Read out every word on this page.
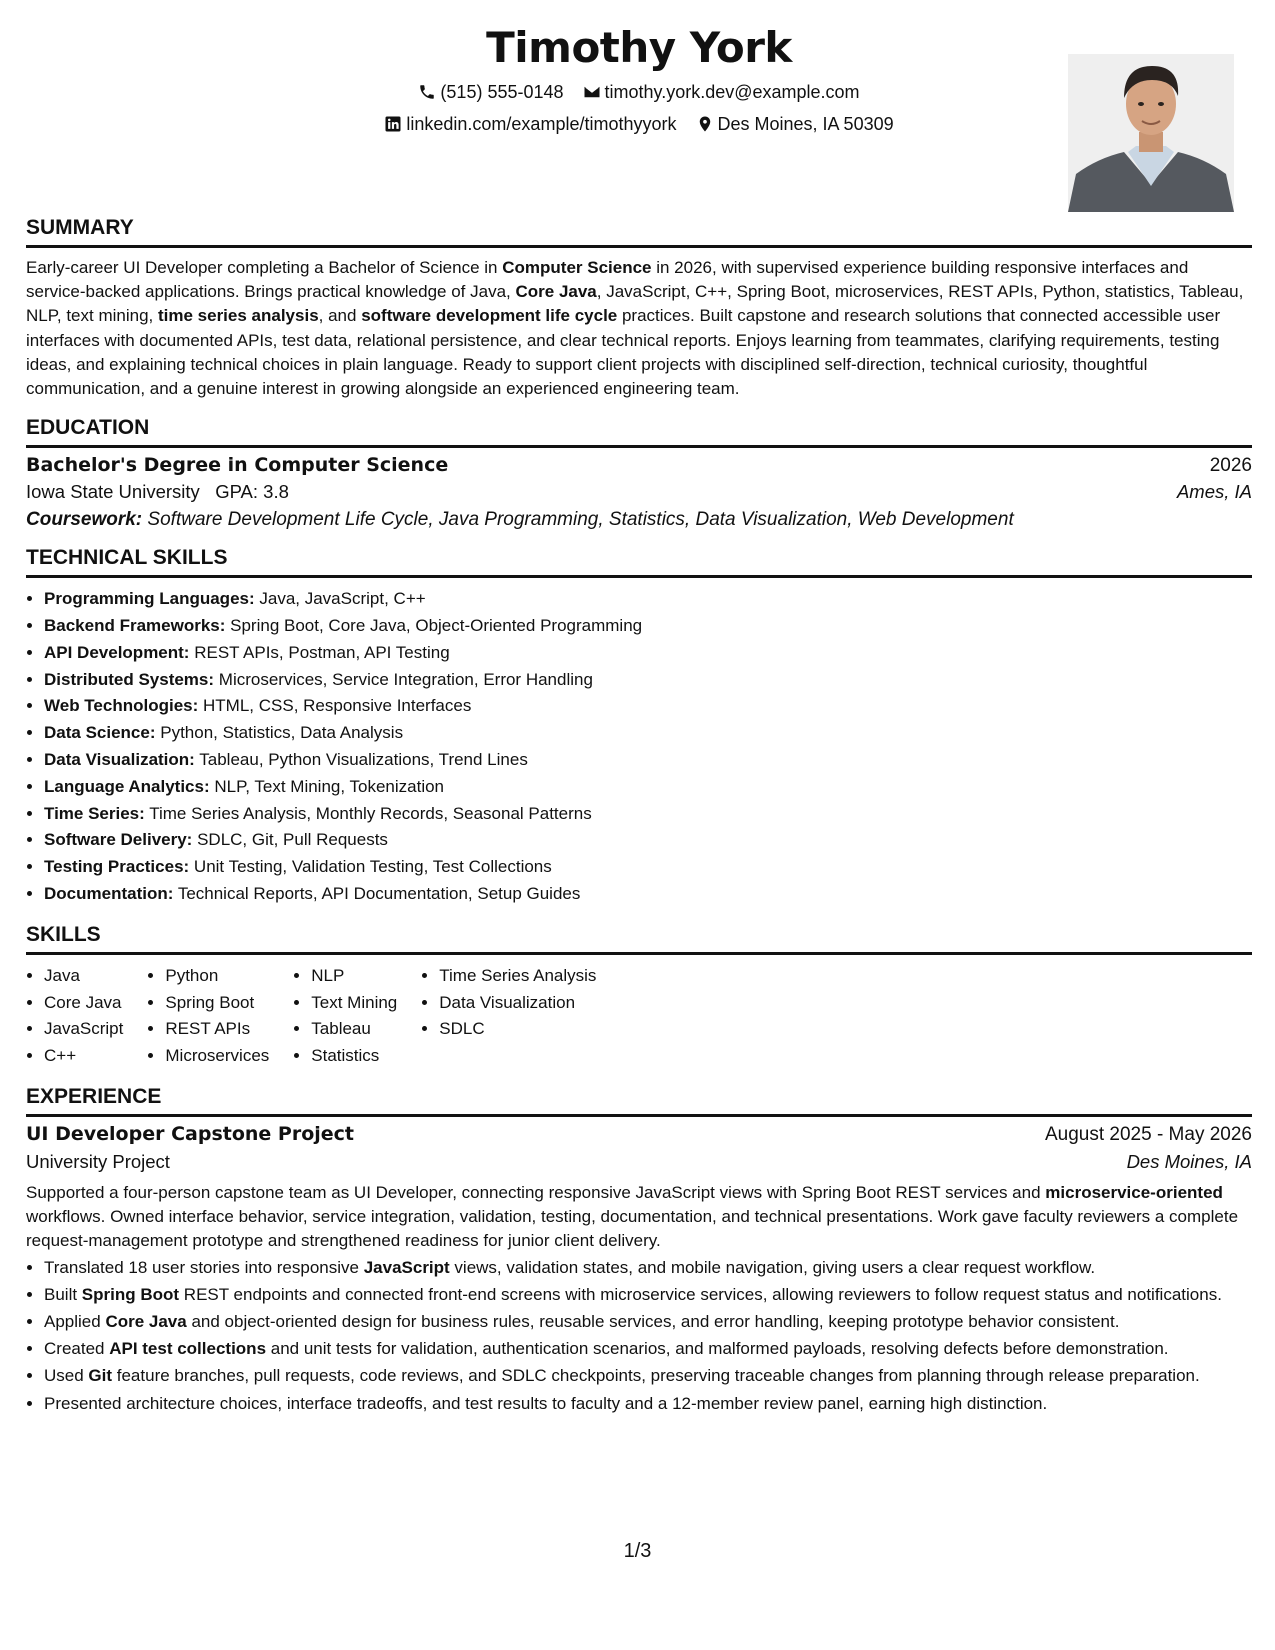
Timothy York
(515) 555-0148
timothy.york.dev@example.com
linkedin.com/example/timothyyork
Des Moines, IA 50309
SUMMARY

Early-career UI Developer completing a Bachelor of Science in Computer Science in 2026, with supervised experience building responsive interfaces and service-backed applications. Brings practical knowledge of Java, Core Java, JavaScript, C++, Spring Boot, microservices, REST APIs, Python, statistics, Tableau, NLP, text mining, time series analysis, and software development life cycle practices. Built capstone and research solutions that connected accessible user interfaces with documented APIs, test data, relational persistence, and clear technical reports. Enjoys learning from teammates, clarifying requirements, testing ideas, and explaining technical choices in plain language. Ready to support client projects with disciplined self-direction, technical curiosity, thoughtful communication, and a genuine interest in growing alongside an experienced engineering team.

EDUCATION
Bachelor's Degree in Computer Science	2026
Iowa State University GPA: 3.8	Ames, IA
Coursework: Software Development Life Cycle, Java Programming, Statistics, Data Visualization, Web Development
TECHNICAL SKILLS
• Programming Languages: Java, JavaScript, C++
• Backend Frameworks: Spring Boot, Core Java, Object-Oriented Programming
• API Development: REST APIs, Postman, API Testing
• Distributed Systems: Microservices, Service Integration, Error Handling
• Web Technologies: HTML, CSS, Responsive Interfaces
• Data Science: Python, Statistics, Data Analysis
• Data Visualization: Tableau, Python Visualizations, Trend Lines
• Language Analytics: NLP, Text Mining, Tokenization
• Time Series: Time Series Analysis, Monthly Records, Seasonal Patterns
• Software Delivery: SDLC, Git, Pull Requests
• Testing Practices: Unit Testing, Validation Testing, Test Collections
• Documentation: Technical Reports, API Documentation, Setup Guides
SKILLS
• Java
• Core Java
• JavaScript
• C++
• Python
• Spring Boot
• REST APIs
• Microservices
• NLP
• Text Mining
• Tableau
• Statistics
• Time Series Analysis
• Data Visualization
• SDLC
EXPERIENCE
UI Developer Capstone Project	August 2025 - May 2026
University Project	Des Moines, IA

Supported a four-person capstone team as UI Developer, connecting responsive JavaScript views with Spring Boot REST services and microservice-oriented workflows. Owned interface behavior, service integration, validation, testing, documentation, and technical presentations. Work gave faculty reviewers a complete request-management prototype and strengthened readiness for junior client delivery.

• Translated 18 user stories into responsive JavaScript views, validation states, and mobile navigation, giving users a clear request workflow.
• Built Spring Boot REST endpoints and connected front-end screens with microservice services, allowing reviewers to follow request status and notifications.
• Applied Core Java and object-oriented design for business rules, reusable services, and error handling, keeping prototype behavior consistent.
• Created API test collections and unit tests for validation, authentication scenarios, and malformed payloads, resolving defects before demonstration.
• Used Git feature branches, pull requests, code reviews, and SDLC checkpoints, preserving traceable changes from planning through release preparation.
• Presented architecture choices, interface tradeoffs, and test results to faculty and a 12-member review panel, earning high distinction.
1/3
